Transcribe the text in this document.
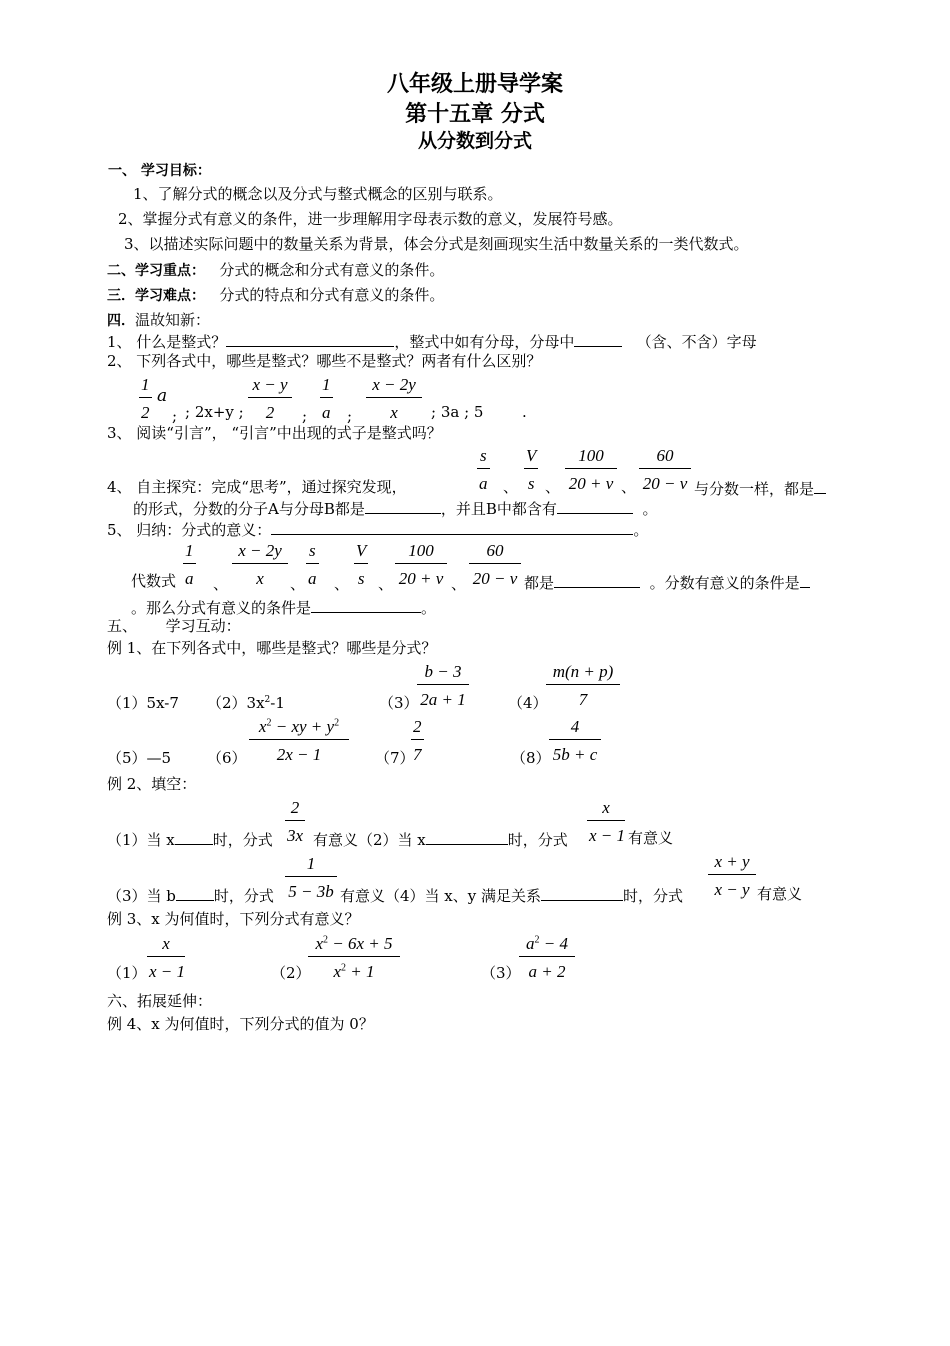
八年级上册导学案
第十五章 分式
从分数到分式
一、 学习目标：
1、了解分式的概念以及分式与整式概念的区别与联系。
2、掌握分式有意义的条件，进一步理解用字母表示数的意义，发展符号感。
3、以描述实际问题中的数量关系为背景，体会分式是刻画现实生活中数量关系的一类代数式。
二、学习重点： 分式的概念和分式有意义的条件。
三．学习难点： 分式的特点和分式有意义的条件。
四．温故知新：
1、 什么是整式？	，整式中如有分母，分母中	（含、不含）字母
2、 下列各式中，哪些是整式？哪些不是整式？两者有什么区别？
$\frac{1}{2}$ a
; ; 2x+y ; $\frac{x - y}{2}$ ; $\frac{1}{a}$ ; $\frac{x - 2y}{x}$ ; 3a ; 5	.
3、 阅读“引言”， “引言”中出现的式子是整式吗？
$\frac{s}{a} \frac{V}{s} \frac{100}{20 + v} \frac{60}{20 - v}$
4、 自主探究：完成“思考”，通过探究发现，	、 、	、	与分数一样，都是
的形式，分数的分子A与分母B都是	，并且B中都含有	。
5、 归纳：分式的意义：	。
$\frac{1}{a} \frac{x - 2y}{x} \frac{s}{a} \frac{V}{s} \frac{100}{20 + v} \frac{60}{20 - v}$
代数式 、	、 、 、	、	都是	。分数有意义的条件是
。那么分式有意义的条件是	。
五、      学习互动：
例 1、在下列各式中，哪些是整式？哪些是分式？
（1）5x-7 $(2)3x^2-1$	（3）
$\frac{b - 3}{2a + 1}$	（4）
$\frac{m(n + p)}{7}$
（5）—5 $(6) \frac{x^2 - xy + y^2}{2x - 1} (7)$
$\frac{2}{7}$	（8）
$\frac{4}{5b + c}$
例 2、填空：
$\frac{2}{3x}$	$\frac{x}{x - 1}$
（1）当 x	时，分式	有意义（2）当 x	时，分式	有意义
$\frac{1}{5 - 3b}$	$\frac{x + y}{x - y}$
（3）当 b	时，分式	有意义（4）当 x、y 满足关系	时，分式	有意义
例 3、x 为何值时，下列分式有意义？
$(1) \frac{x}{x - 1}$	（2）
$\frac{x^2 - 6x + 5}{x^2 + 1}$	（3）
$\frac{a^2 - 4}{a + 2}$
六、拓展延伸：
例 4、x 为何值时，下列分式的值为 0？
